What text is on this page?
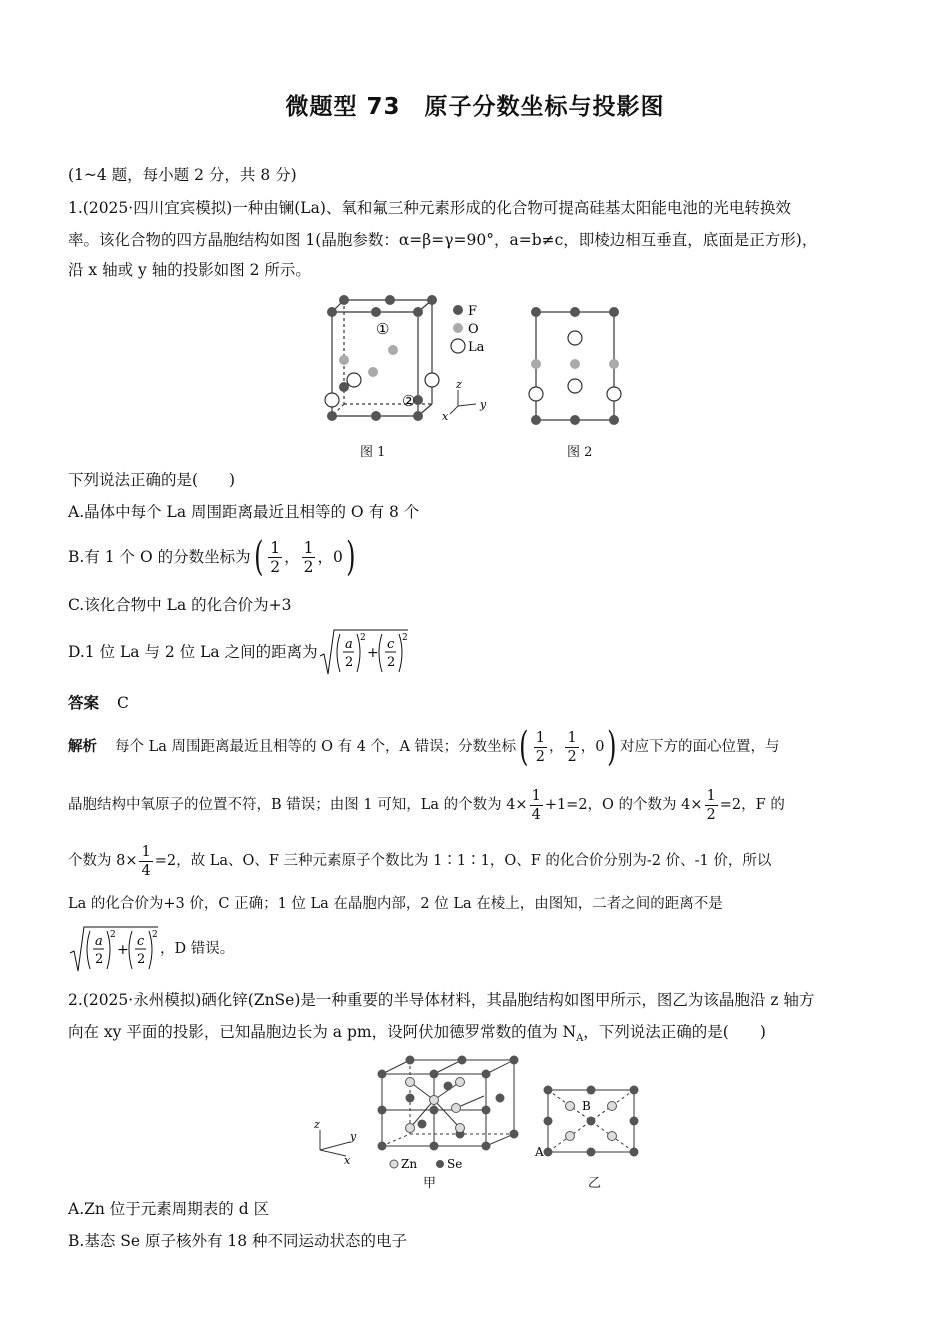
微题型 73　原子分数坐标与投影图
(1~4 题，每小题 2 分，共 8 分)
1.(2025·四川宜宾模拟)一种由镧(La)、氧和氟三种元素形成的化合物可提高硅基太阳能电池的光电转换效
率。该化合物的四方晶胞结构如图 1(晶胞参数：α=β=γ=90°，a=b≠c，即棱边相互垂直，底面是正方形)，
沿 x 轴或 y 轴的投影如图 2 所示。
①
②
F
O
La
z
y
x
图 1	图 2
下列说法正确的是(　　)
A.晶体中每个 La 周围距离最近且相等的 O 有 8 个
B.有 1 个 O 的分数坐标为 ( $\frac{1}{2}$ ， $\frac{1}{2}$ ， 0 )
C.该化合物中 La 的化合价为+3
D.1 位 La 与 2 位 La 之间的距离为 a
2
2
+
c
2
2
答案 C
解析 每个 La 周围距离最近且相等的 O 有 4 个，A 错误；分数坐标 ( $\frac{1}{2}$ ， $\frac{1}{2}$ ， 0 ) 对应下方的面心位置，与
晶胞结构中氧原子的位置不符，B 错误；由图 1 可知，La 的个数为 $4\times \frac{1}{4} +1=2$，O 的个数为 $4\times \frac{1}{2} =2$，F 的
个数为 $8\times \frac{1}{4} =2$，故 La、O、F 三种元素原子个数比为 1∶1∶1，O、F 的化合价分别为-2 价、-1 价，所以
La 的化合价为+3 价，C 正确；1 位 La 在晶胞内部，2 位 La 在棱上，由图知，二者之间的距离不是
a
2
2
+
c
2
2
，D 错误。
2.(2025·永州模拟)硒化锌(ZnSe)是一种重要的半导体材料，其晶胞结构如图甲所示，图乙为该晶胞沿 z 轴方
向在 xy 平面的投影，已知晶胞边长为 a pm，设阿伏加德罗常数的值为 $N_A$，下列说法正确的是(　　)
z
y
x	Zn Se
甲
B
A
乙
A.Zn 位于元素周期表的 d 区
B.基态 Se 原子核外有 18 种不同运动状态的电子
